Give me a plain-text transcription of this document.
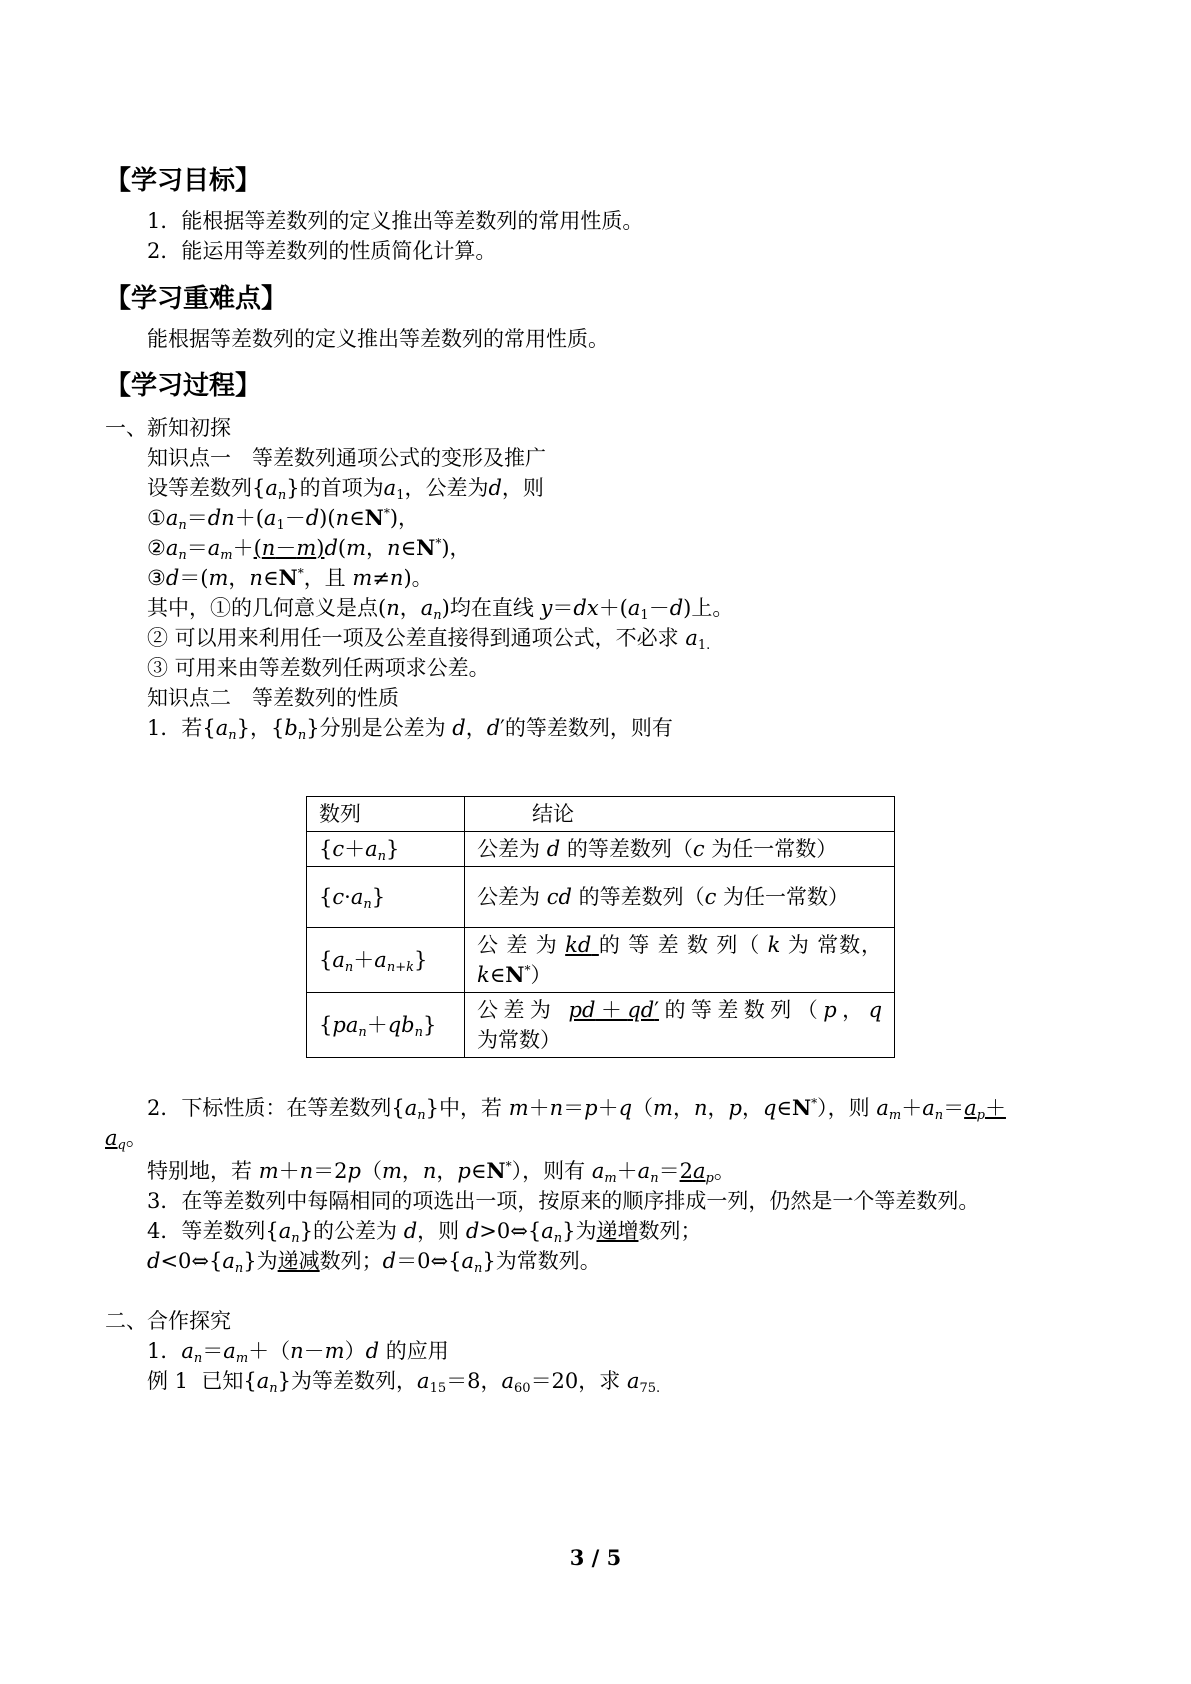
【学习目标】
1．能根据等差数列的定义推出等差数列的常用性质。
2．能运用等差数列的性质简化计算。
【学习重难点】
能根据等差数列的定义推出等差数列的常用性质。
【学习过程】
一、新知初探
知识点一　等差数列通项公式的变形及推广
设等差数列$\{a_n\}$的首项为$a_1$，公差为d，则
$①a_n=dn+(a_1-d)(n\in N^*)$，
$②a_n=a_m+(n-m)d(m$，n∈N*)，
③d＝(m，n∈N*，且 m≠n)。
其中，①的几何意义是点(n，$a_n$)均在直线 $y=dx+(a_1-d)$上。
② 可以用来利用任一项及公差直接得到通项公式，不必求 $a_{1.}$
③ 可用来由等差数列任两项求公差。
知识点二　等差数列的性质
1．若$\{a_n\}$，$\{b_n\}$分别是公差为 d，d′的等差数列，则有
数列	结论
$\{c+a_n\}$	公差为 d 的等差数列（c 为任一常数）
$\{c\cdot a_n\}$	公差为 cd 的等差数列（c 为任一常数）

$\{a_n+a_{n+k}\}$	公 差 为 kd 的 等 差 数 列（ k 为 常数，k∈N*）

$\{pa_n+qb_n\}$	公差为 pd＋qd′的等差数列（p，q 为常数）
2．下标性质：在等差数列$\{a_n\}$中，若 m＋n＝p＋q（m，n，p，q∈N*），则 $a_m+a_n=a_p+$
$a_q$。
特别地，若 m＋n＝2p（m，n，p∈N*），则有 $a_m+a_n=2a_p$。
3．在等差数列中每隔相同的项选出一项，按原来的顺序排成一列，仍然是一个等差数列。
4．等差数列$\{a_n\}$的公差为 d，则 $d>0\Leftrightarrow\{a_n\}$为递增数列；
$d<0\Leftrightarrow\{a_n\}$为递减数列；$d=0\Leftrightarrow\{a_n\}$为常数列。
二、合作探究
1．$a_n=a_m+(n-m)d$ 的应用
例 1  已知$\{a_n\}$为等差数列，$a_{15}=8$，$a_{60}=20$，求 $a_{75.}$
3 / 5
